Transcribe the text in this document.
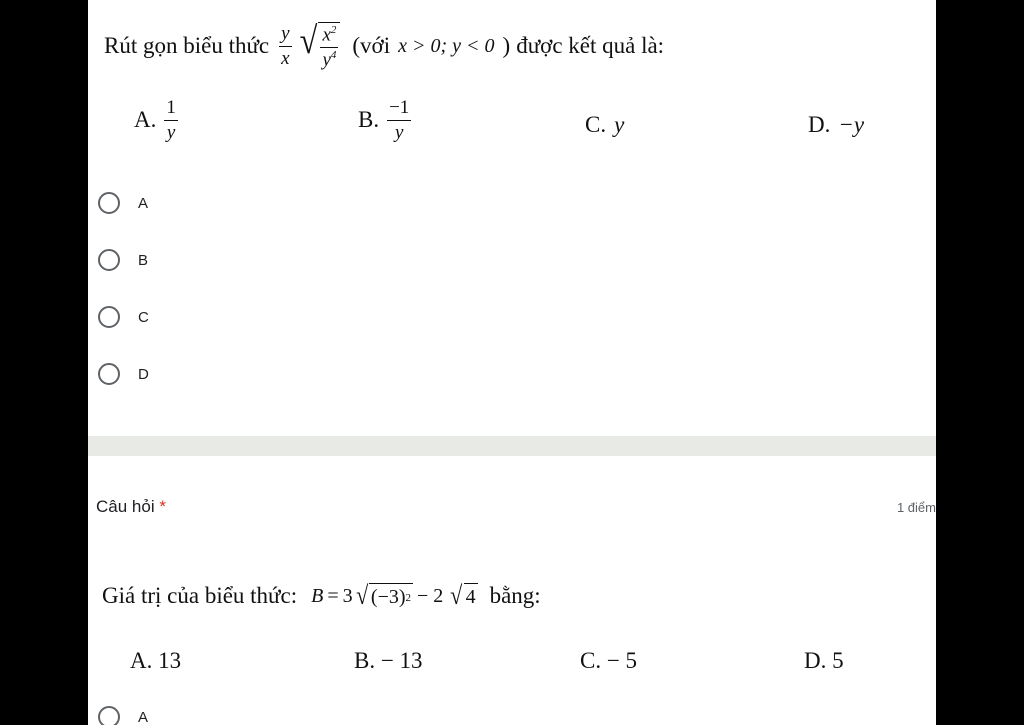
Rút gọn biểu thức $\frac{y}{x}$ √ $\frac{x^2}{y^4}$ (với x > 0; y < 0 ) được kết quả là:
A. $\frac{1}{y}$	B. $\frac{-1}{y}$	C. y	D. −y
A
B
C
D
Câu hỏi *	1 điểm
Giá trị của biểu thức: B = 3 √ (−3) 2 − 2 √ 4 bằng:
A. 13	B. − 13	C. − 5	D. 5
A
